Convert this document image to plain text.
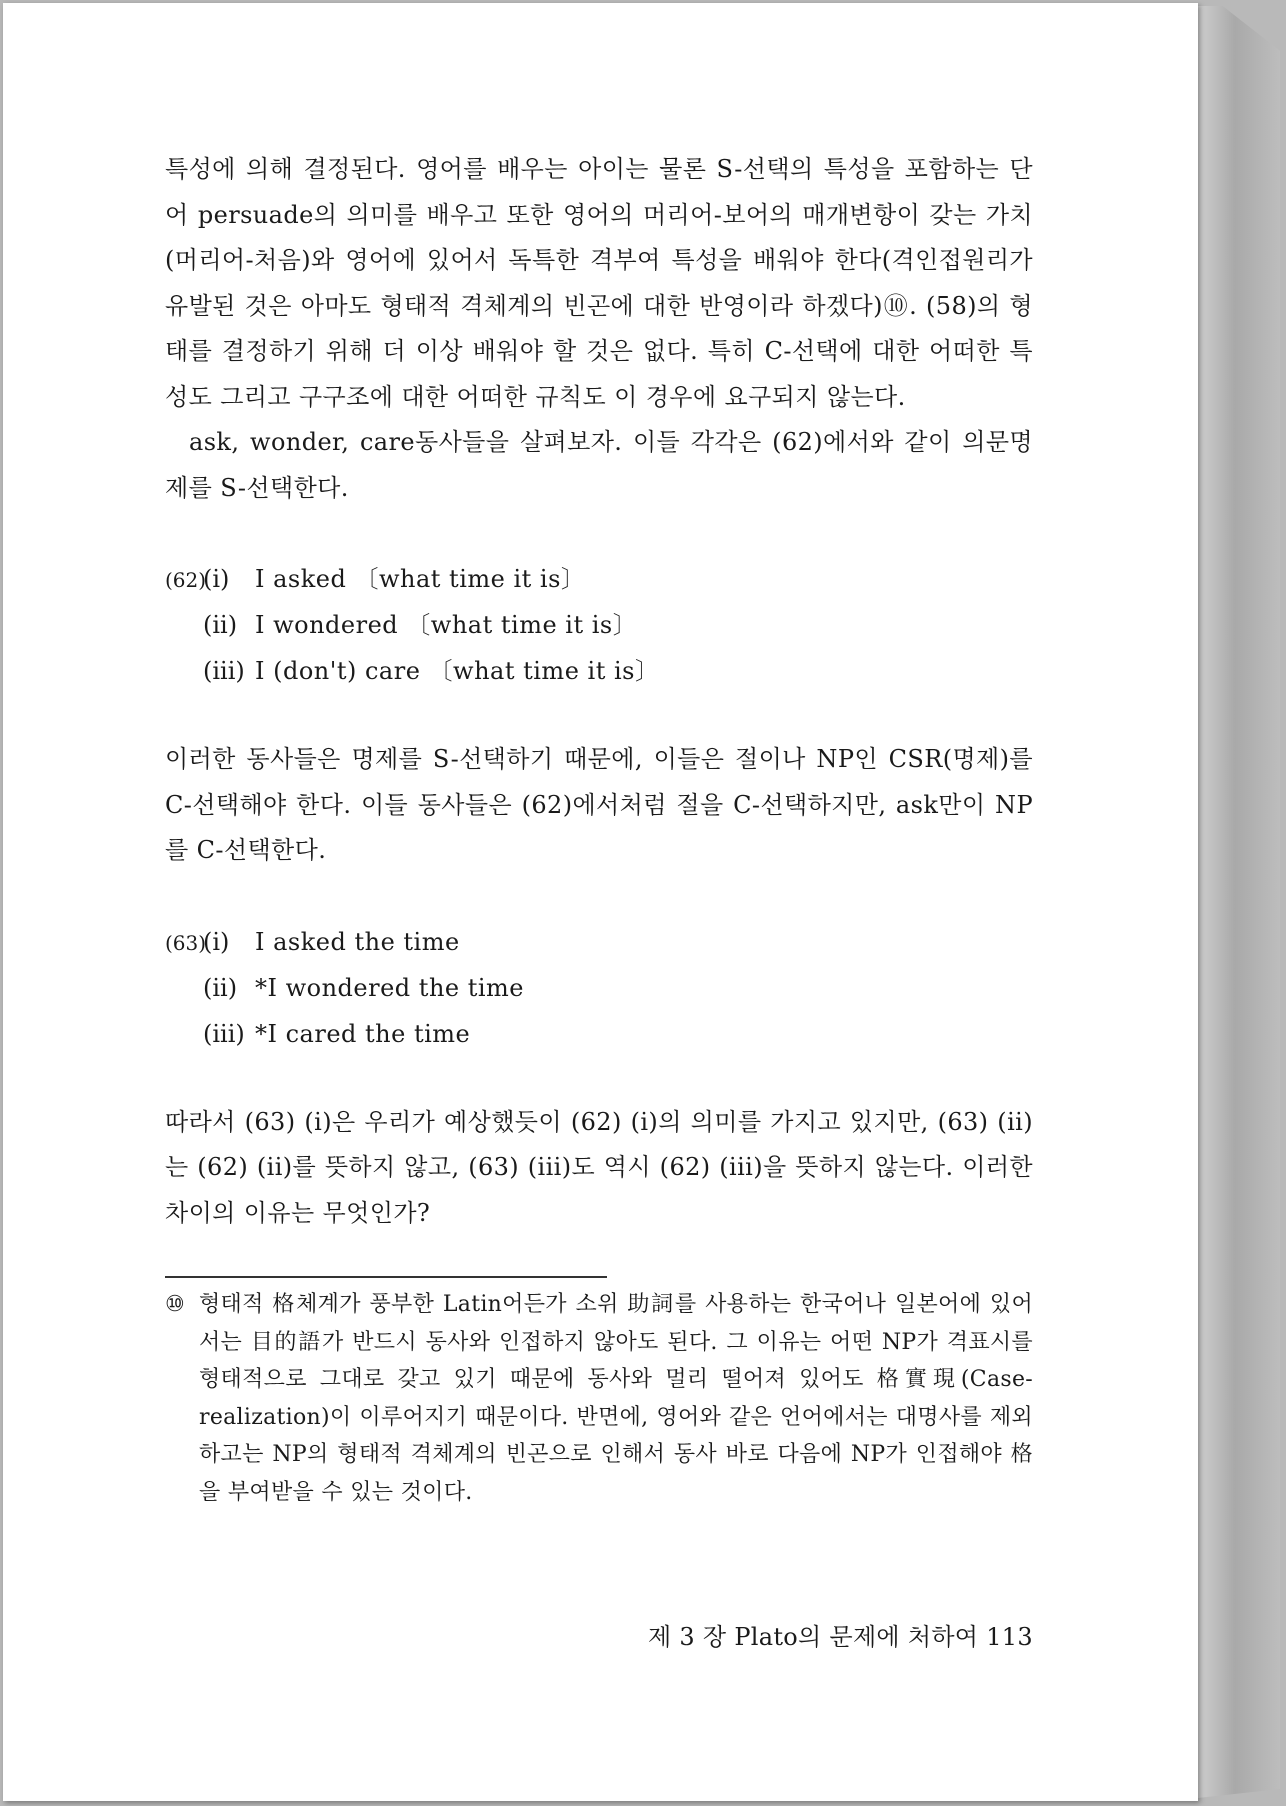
특성에 의해 결정된다. 영어를 배우는 아이는 물론 S-선택의 특성을 포함하는 단어 persuade의 의미를 배우고 또한 영어의 머리어-보어의 매개변항이 갖는 가치(머리어-처음)와 영어에 있어서 독특한 격부여 특성을 배워야 한다(격인접원리가 유발된 것은 아마도 형태적 격체계의 빈곤에 대한 반영이라 하겠다)⑩. (58)의 형태를 결정하기 위해 더 이상 배워야 할 것은 없다. 특히 C-선택에 대한 어떠한 특성도 그리고 구구조에 대한 어떠한 규칙도 이 경우에 요구되지 않는다.

ask, wonder, care동사들을 살펴보자. 이들 각각은 (62)에서와 같이 의문명제를 S-선택한다.

(62)
(i)	I asked 〔what time it is〕
(ii) I wondered 〔what time it is〕
(iii) I (don't) care 〔what time it is〕

이러한 동사들은 명제를 S-선택하기 때문에, 이들은 절이나 NP인 CSR(명제)를 C-선택해야 한다. 이들 동사들은 (62)에서처럼 절을 C-선택하지만, ask만이 NP를 C-선택한다.

(63)
(i)	I asked the time
(ii) *I wondered the time
(iii) *I cared the time

따라서 (63) (i)은 우리가 예상했듯이 (62) (i)의 의미를 가지고 있지만, (63) (ii)는 (62) (ii)를 뜻하지 않고, (63) (iii)도 역시 (62) (iii)을 뜻하지 않는다. 이러한 차이의 이유는 무엇인가?

⑩ 형태적 格체계가 풍부한 Latin어든가 소위 助詞를 사용하는 한국어나 일본어에 있어서는 目的語가 반드시 동사와 인접하지 않아도 된다. 그 이유는 어떤 NP가 격표시를 형태적으로 그대로 갖고 있기 때문에 동사와 멀리 떨어져 있어도 格實現(Case-realization)이 이루어지기 때문이다. 반면에, 영어와 같은 언어에서는 대명사를 제외하고는 NP의 형태적 격체계의 빈곤으로 인해서 동사 바로 다음에 NP가 인접해야 格을 부여받을 수 있는 것이다.
제 3 장 Plato의 문제에 처하여 113
